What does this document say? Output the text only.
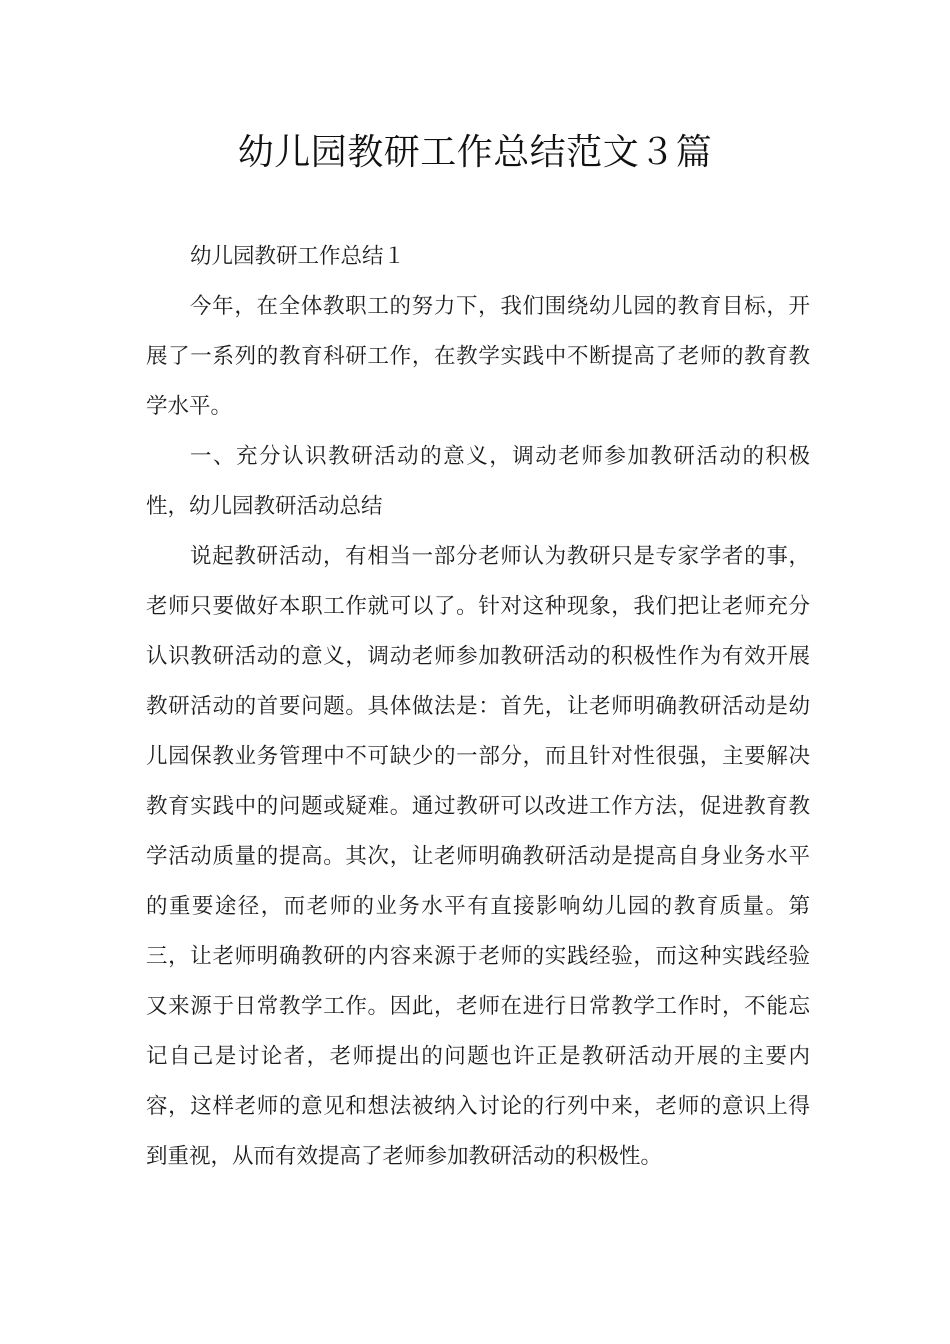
幼儿园教研工作总结范文３篇

幼儿园教研工作总结１

今年，在全体教职工的努力下，我们围绕幼儿园的教育目标，开展了一系列的教育科研工作，在教学实践中不断提高了老师的教育教学水平。

一、充分认识教研活动的意义，调动老师参加教研活动的积极性，幼儿园教研活动总结

说起教研活动，有相当一部分老师认为教研只是专家学者的事，老师只要做好本职工作就可以了。针对这种现象，我们把让老师充分认识教研活动的意义，调动老师参加教研活动的积极性作为有效开展教研活动的首要问题。具体做法是：首先，让老师明确教研活动是幼儿园保教业务管理中不可缺少的一部分，而且针对性很强，主要解决教育实践中的问题或疑难。通过教研可以改进工作方法，促进教育教学活动质量的提高。其次，让老师明确教研活动是提高自身业务水平的重要途径，而老师的业务水平有直接影响幼儿园的教育质量。第三，让老师明确教研的内容来源于老师的实践经验，而这种实践经验又来源于日常教学工作。因此，老师在进行日常教学工作时，不能忘记自己是讨论者，老师提出的问题也许正是教研活动开展的主要内容，这样老师的意见和想法被纳入讨论的行列中来，老师的意识上得到重视，从而有效提高了老师参加教研活动的积极性。
